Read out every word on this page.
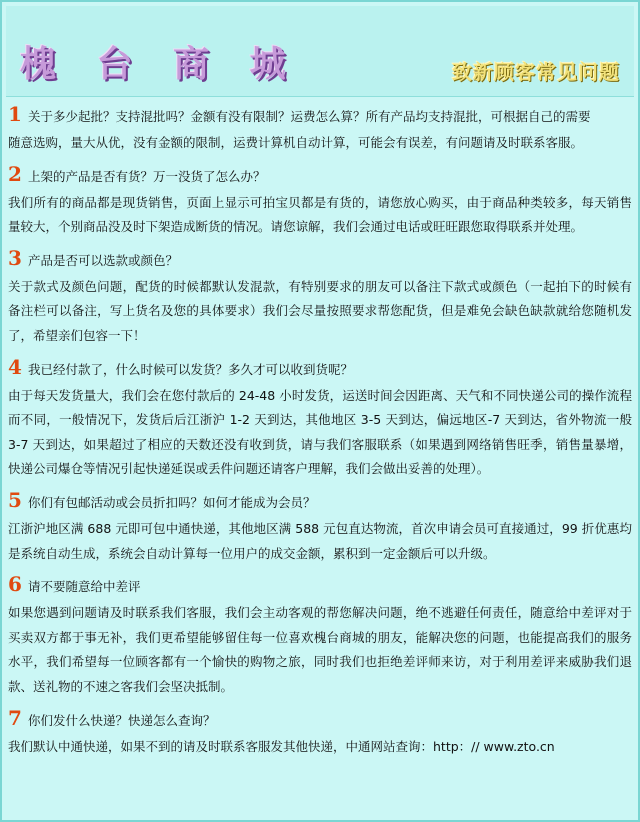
槐 台 商 城	致新顾客常见问题
1 关于多少起批？支持混批吗？金额有没有限制？运费怎么算？所有产品均支持混批，可根据自己的需要
随意选购，量大从优，没有金额的限制，运费计算机自动计算，可能会有误差，有问题请及时联系客服。
2 上架的产品是否有货？万一没货了怎么办？
我们所有的商品都是现货销售，页面上显示可拍宝贝都是有货的，请您放心购买，由于商品种类较多，每天销售量较大，个别商品没及时下架造成断货的情况。请您谅解，我们会通过电话或旺旺跟您取得联系并处理。
3 产品是否可以选款或颜色？
关于款式及颜色问题，配货的时候都默认发混款，有特别要求的朋友可以备注下款式或颜色（一起拍下的时候有备注栏可以备注，写上货名及您的具体要求）我们会尽量按照要求帮您配货，但是难免会缺色缺款就给您随机发了，希望亲们包容一下！
4 我已经付款了，什么时候可以发货？多久才可以收到货呢？
由于每天发货量大，我们会在您付款后的 24-48 小时发货，运送时间会因距离、天气和不同快递公司的操作流程而不同，一般情况下，发货后后江浙沪 1-2 天到达，其他地区 3-5 天到达，偏远地区-7 天到达，省外物流一般 3-7 天到达，如果超过了相应的天数还没有收到货，请与我们客服联系（如果遇到网络销售旺季，销售量暴增，快递公司爆仓等情况引起快递延误或丢件问题还请客户理解，我们会做出妥善的处理）。
5 你们有包邮活动或会员折扣吗？如何才能成为会员？
江浙沪地区满 688 元即可包中通快递，其他地区满 588 元包直达物流，首次申请会员可直接通过，99 折优惠均是系统自动生成，系统会自动计算每一位用户的成交金额，累积到一定金额后可以升级。
6 请不要随意给中差评
如果您遇到问题请及时联系我们客服，我们会主动客观的帮您解决问题，绝不逃避任何责任，随意给中差评对于买卖双方都于事无补，我们更希望能够留住每一位喜欢槐台商城的朋友，能解决您的问题，也能提高我们的服务水平，我们希望每一位顾客都有一个愉快的购物之旅，同时我们也拒绝差评师来访，对于利用差评来威胁我们退款、送礼物的不速之客我们会坚决抵制。
7 你们发什么快递？快递怎么查询？
我们默认中通快递，如果不到的请及时联系客服发其他快递，中通网站查询：http：// www.zto.cn
